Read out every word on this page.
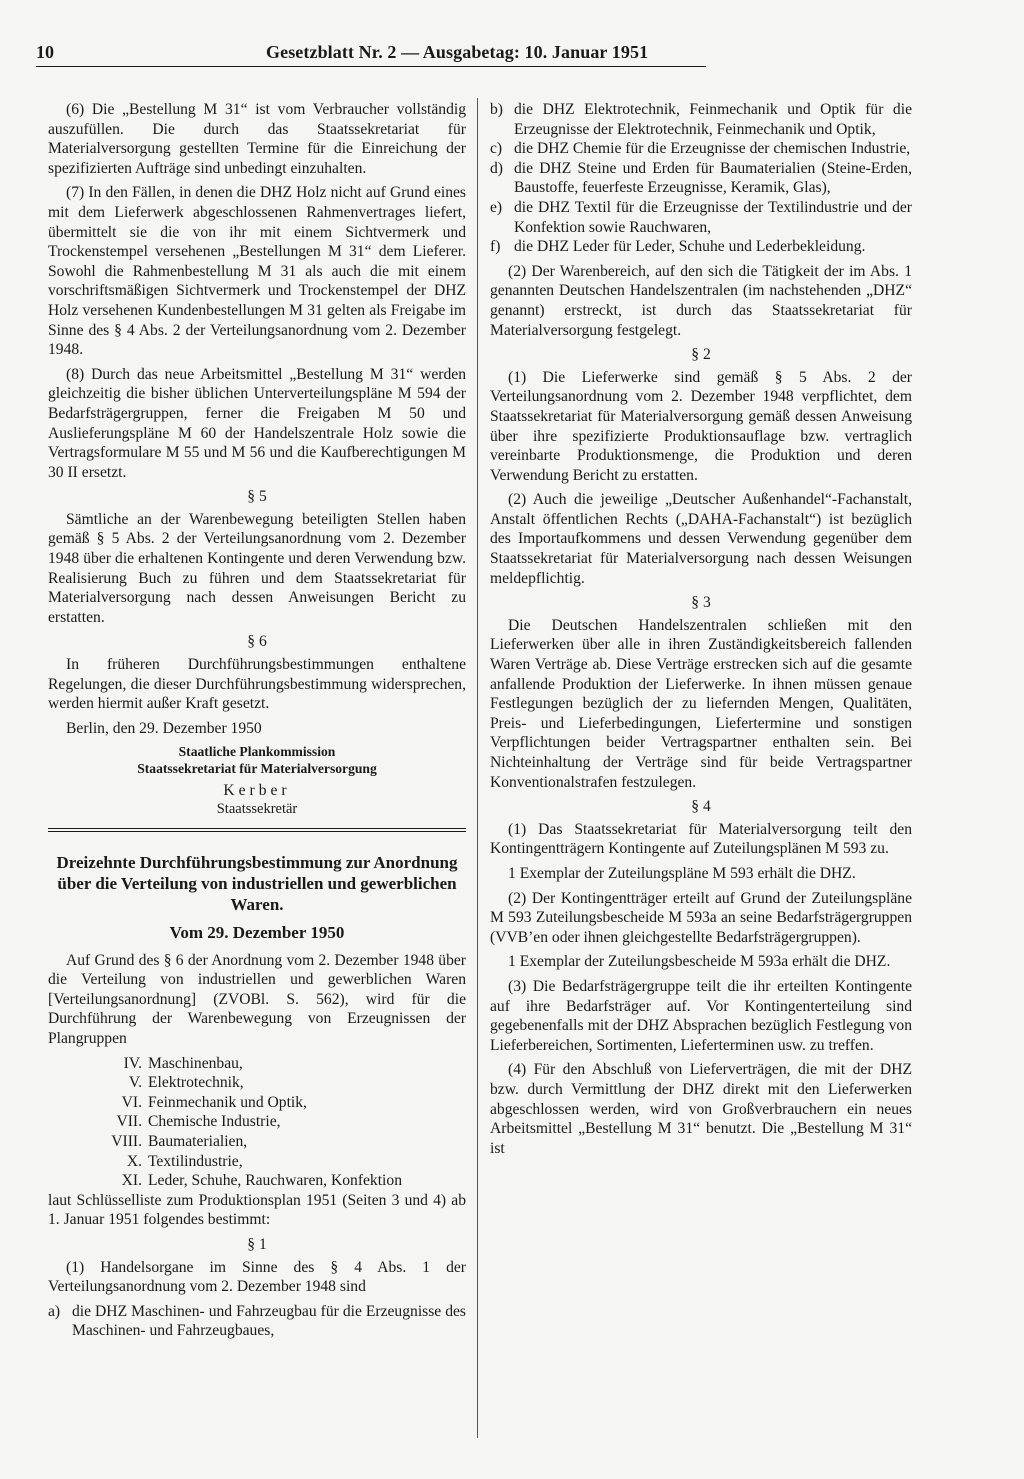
10	Gesetzblatt Nr. 2 — Ausgabetag: 10. Januar 1951

(6) Die „Bestellung M 31“ ist vom Verbraucher vollständig auszufüllen. Die durch das Staatssekretariat für Materialversorgung gestellten Termine für die Einreichung der spezifizierten Aufträge sind unbedingt einzuhalten.

(7) In den Fällen, in denen die DHZ Holz nicht auf Grund eines mit dem Lieferwerk abgeschlossenen Rahmenvertrages liefert, übermittelt sie die von ihr mit einem Sichtvermerk und Trockenstempel versehenen „Bestellungen M 31“ dem Lieferer. Sowohl die Rahmenbestellung M 31 als auch die mit einem vorschriftsmäßigen Sichtvermerk und Trockenstempel der DHZ Holz versehenen Kundenbestellungen M 31 gelten als Freigabe im Sinne des § 4 Abs. 2 der Verteilungsanordnung vom 2. Dezember 1948.

(8) Durch das neue Arbeitsmittel „Bestellung M 31“ werden gleichzeitig die bisher üblichen Unterverteilungspläne M 594 der Bedarfsträgergruppen, ferner die Freigaben M 50 und Auslieferungspläne M 60 der Handelszentrale Holz sowie die Vertragsformulare M 55 und M 56 und die Kaufberechtigungen M 30 II ersetzt.

§ 5

Sämtliche an der Warenbewegung beteiligten Stellen haben gemäß § 5 Abs. 2 der Verteilungsanordnung vom 2. Dezember 1948 über die erhaltenen Kontingente und deren Verwendung bzw. Realisierung Buch zu führen und dem Staatssekretariat für Materialversorgung nach dessen Anweisungen Bericht zu erstatten.

§ 6

In früheren Durchführungsbestimmungen enthaltene Regelungen, die dieser Durchführungsbestimmung widersprechen, werden hiermit außer Kraft gesetzt.

Berlin, den 29. Dezember 1950

Staatliche Plankommission
Staatssekretariat für Materialversorgung
Kerber
Staatssekretär
Dreizehnte Durchführungsbestimmung zur Anordnung über die Verteilung von industriellen und gewerblichen Waren.
Vom 29. Dezember 1950

Auf Grund des § 6 der Anordnung vom 2. Dezember 1948 über die Verteilung von industriellen und gewerblichen Waren [Verteilungsanordnung] (ZVOBl. S. 562), wird für die Durchführung der Warenbewegung von Erzeugnissen der Plangruppen

IV. Maschinenbau,
V. Elektrotechnik,
VI. Feinmechanik und Optik,
VII. Chemische Industrie,
VIII. Baumaterialien,
X. Textilindustrie,
XI. Leder, Schuhe, Rauchwaren, Konfektion

laut Schlüsselliste zum Produktionsplan 1951 (Seiten 3 und 4) ab 1. Januar 1951 folgendes bestimmt:

§ 1

(1) Handelsorgane im Sinne des § 4 Abs. 1 der Verteilungsanordnung vom 2. Dezember 1948 sind

a) die DHZ Maschinen- und Fahrzeugbau für die Erzeugnisse des Maschinen- und Fahrzeugbaues,
b) die DHZ Elektrotechnik, Feinmechanik und Optik für die Erzeugnisse der Elektrotechnik, Feinmechanik und Optik,
c) die DHZ Chemie für die Erzeugnisse der chemischen Industrie,
d) die DHZ Steine und Erden für Baumaterialien (Steine-Erden, Baustoffe, feuerfeste Erzeugnisse, Keramik, Glas),
e) die DHZ Textil für die Erzeugnisse der Textilindustrie und der Konfektion sowie Rauchwaren,
f) die DHZ Leder für Leder, Schuhe und Lederbekleidung.

(2) Der Warenbereich, auf den sich die Tätigkeit der im Abs. 1 genannten Deutschen Handelszentralen (im nachstehenden „DHZ“ genannt) erstreckt, ist durch das Staatssekretariat für Materialversorgung festgelegt.

§ 2

(1) Die Lieferwerke sind gemäß § 5 Abs. 2 der Verteilungsanordnung vom 2. Dezember 1948 verpflichtet, dem Staatssekretariat für Materialversorgung gemäß dessen Anweisung über ihre spezifizierte Produktionsauflage bzw. vertraglich vereinbarte Produktionsmenge, die Produktion und deren Verwendung Bericht zu erstatten.

(2) Auch die jeweilige „Deutscher Außenhandel“-Fachanstalt, Anstalt öffentlichen Rechts („DAHA-Fachanstalt“) ist bezüglich des Importaufkommens und dessen Verwendung gegenüber dem Staatssekretariat für Materialversorgung nach dessen Weisungen meldepflichtig.

§ 3

Die Deutschen Handelszentralen schließen mit den Lieferwerken über alle in ihren Zuständigkeitsbereich fallenden Waren Verträge ab. Diese Verträge erstrecken sich auf die gesamte anfallende Produktion der Lieferwerke. In ihnen müssen genaue Festlegungen bezüglich der zu liefernden Mengen, Qualitäten, Preis- und Lieferbedingungen, Liefertermine und sonstigen Verpflichtungen beider Vertragspartner enthalten sein. Bei Nichteinhaltung der Verträge sind für beide Vertragspartner Konventionalstrafen festzulegen.

§ 4

(1) Das Staatssekretariat für Materialversorgung teilt den Kontingentträgern Kontingente auf Zuteilungsplänen M 593 zu.

1 Exemplar der Zuteilungspläne M 593 erhält die DHZ.

(2) Der Kontingentträger erteilt auf Grund der Zuteilungspläne M 593 Zuteilungsbescheide M 593a an seine Bedarfsträgergruppen (VVB’en oder ihnen gleichgestellte Bedarfsträgergruppen).

1 Exemplar der Zuteilungsbescheide M 593a erhält die DHZ.

(3) Die Bedarfsträgergruppe teilt die ihr erteilten Kontingente auf ihre Bedarfsträger auf. Vor Kontingenterteilung sind gegebenenfalls mit der DHZ Absprachen bezüglich Festlegung von Lieferbereichen, Sortimenten, Lieferterminen usw. zu treffen.

(4) Für den Abschluß von Lieferverträgen, die mit der DHZ bzw. durch Vermittlung der DHZ direkt mit den Lieferwerken abgeschlossen werden, wird von Großverbrauchern ein neues Arbeitsmittel „Bestellung M 31“ benutzt. Die „Bestellung M 31“ ist
